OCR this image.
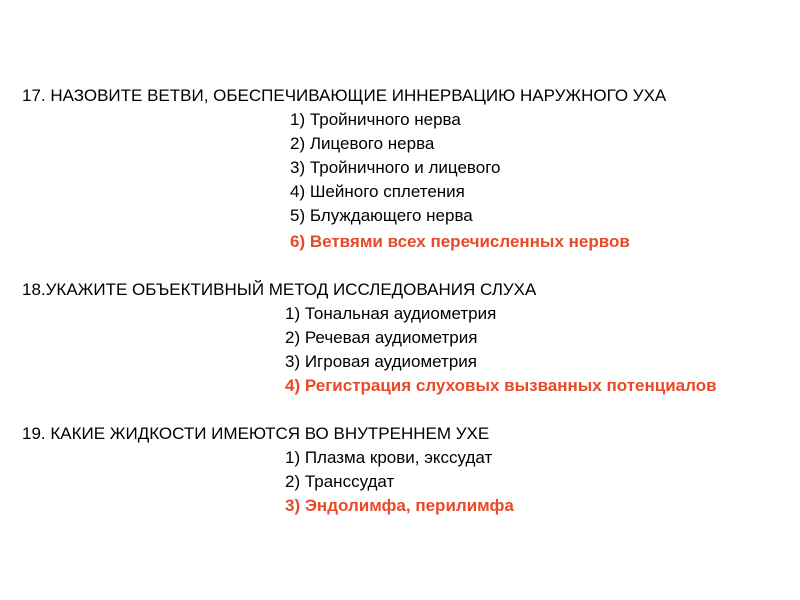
17. НАЗОВИТЕ ВЕТВИ, ОБЕСПЕЧИВАЮЩИЕ ИННЕРВАЦИЮ НАРУЖНОГО УХА
1) Тройничного нерва
2) Лицевого нерва
3) Тройничного и лицевого
4) Шейного сплетения
5) Блуждающего нерва
6) Ветвями всех перечисленных нервов
18.УКАЖИТЕ ОБЪЕКТИВНЫЙ МЕТОД ИССЛЕДОВАНИЯ СЛУХА
1) Тональная аудиометрия
2) Речевая аудиометрия
3) Игровая аудиометрия
4) Регистрация слуховых вызванных потенциалов
19. КАКИЕ ЖИДКОСТИ ИМЕЮТСЯ ВО ВНУТРЕННЕМ УХЕ
1) Плазма крови, экссудат
2) Транссудат
3) Эндолимфа, перилимфа
